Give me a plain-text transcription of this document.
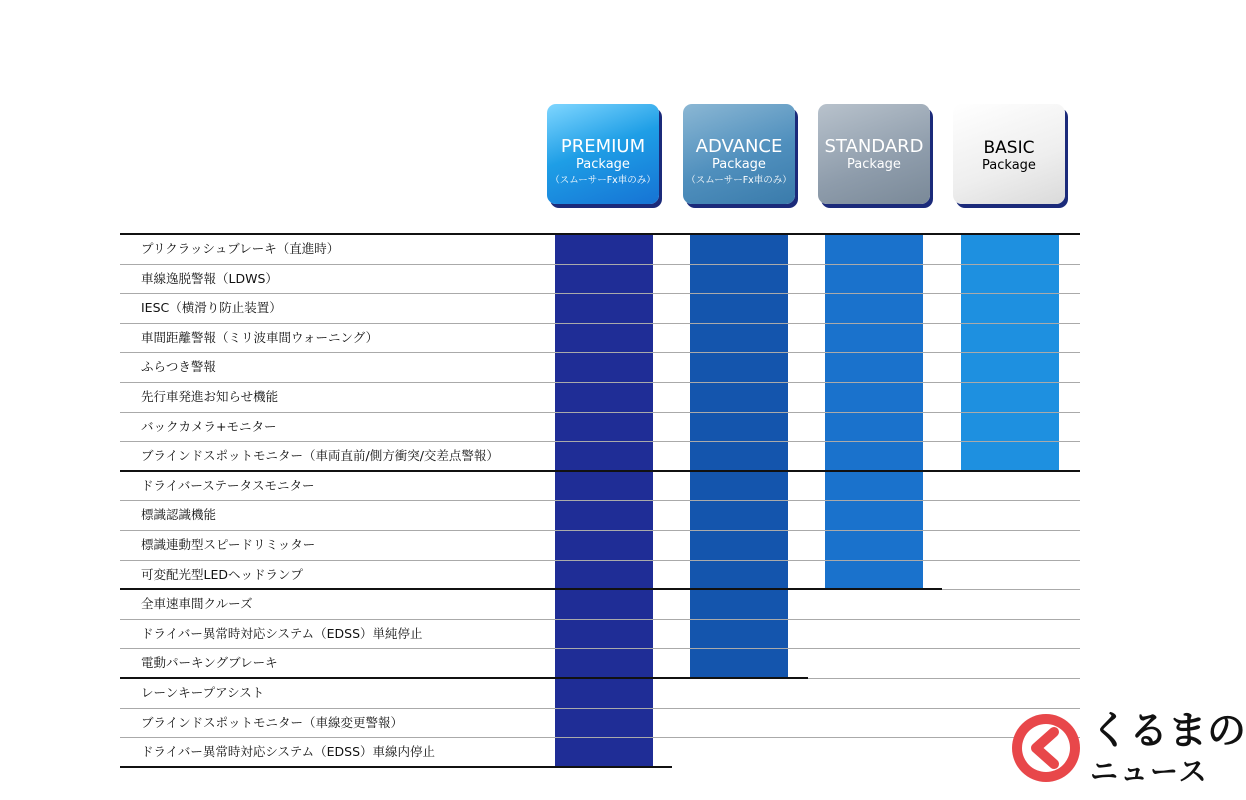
PREMIUM
Package
（スムーサーFx車のみ）
ADVANCE
Package
（スムーサーFx車のみ）
STANDARD
Package
BASIC
Package
プリクラッシュブレーキ（直進時）
車線逸脱警報（LDWS）
IESC（横滑り防止装置）
車間距離警報（ミリ波車間ウォーニング）
ふらつき警報
先行車発進お知らせ機能
バックカメラ+モニター
ブラインドスポットモニター（車両直前/側方衝突/交差点警報）
ドライバーステータスモニター
標識認識機能
標識連動型スピードリミッター
可変配光型LEDヘッドランプ
全車速車間クルーズ
ドライバー異常時対応システム（EDSS）単純停止
電動パーキングブレーキ
レーンキープアシスト
ブラインドスポットモニター（車線変更警報）
ドライバー異常時対応システム（EDSS）車線内停止	くるまの
ニュース
